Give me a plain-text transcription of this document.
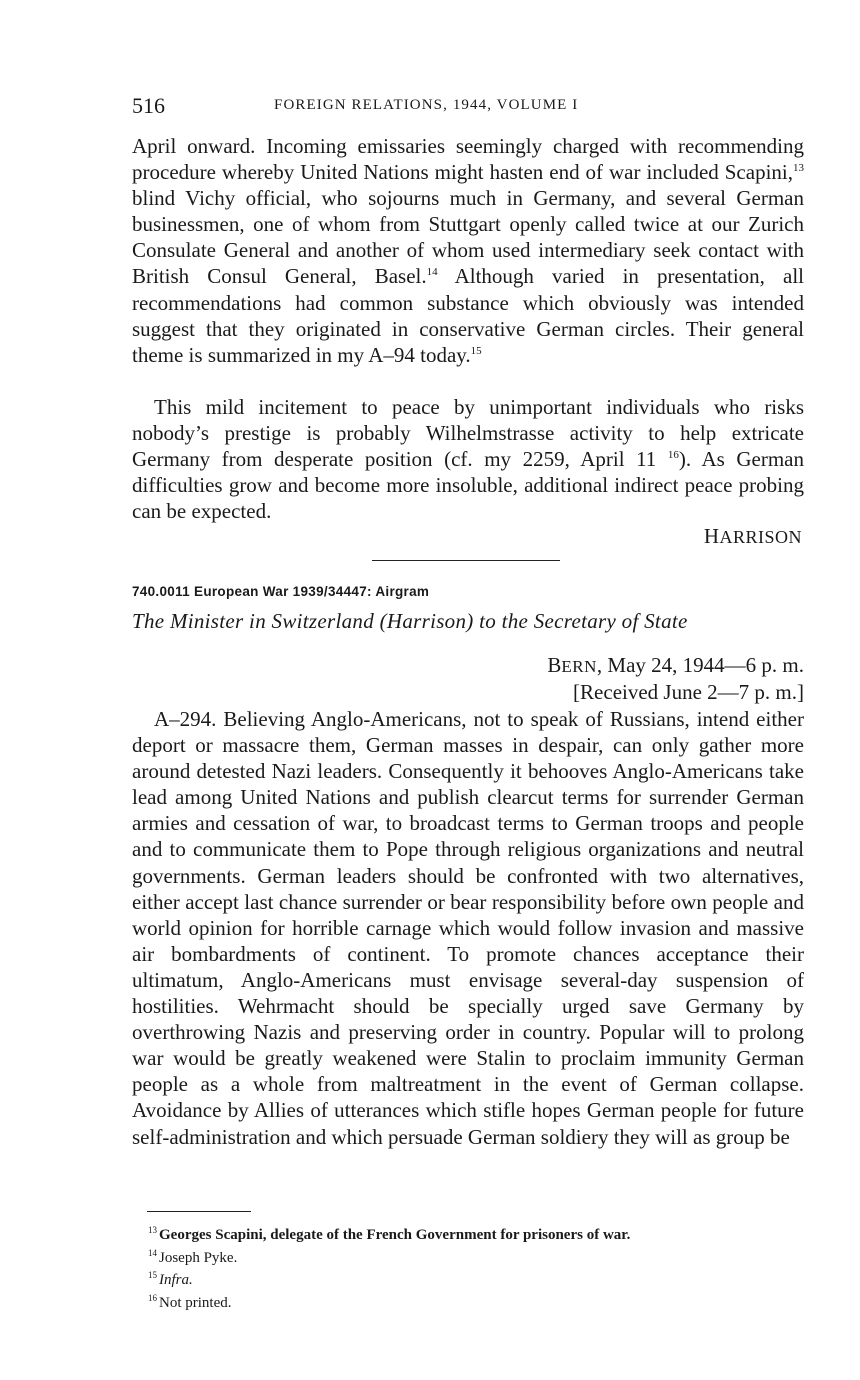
516	FOREIGN RELATIONS, 1944, VOLUME I

April onward. Incoming emissaries seemingly charged with recommending procedure whereby United Nations might hasten end of war included Scapini,$^{13}$ blind Vichy official, who sojourns much in Germany, and several German businessmen, one of whom from Stuttgart openly called twice at our Zurich Consulate General and another of whom used intermediary seek contact with British Consul General, Basel.$^{14}$ Although varied in presentation, all recommendations had common substance which obviously was intended suggest that they originated in conservative German circles. Their general theme is summarized in my A–94 today.$^{15}$

This mild incitement to peace by unimportant individuals who risks nobody’s prestige is probably Wilhelmstrasse activity to help extricate Germany from desperate position (cf. my 2259, April 11 $^{16}$). As German difficulties grow and become more insoluble, additional indirect peace probing can be expected.

HARRISON
740.0011 European War 1939/34447: Airgram
The Minister in Switzerland (Harrison) to the Secretary of State
BERN, May 24, 1944—6 p. m.
[Received June 2—7 p. m.]

A–294. Believing Anglo-Americans, not to speak of Russians, intend either deport or massacre them, German masses in despair, can only gather more around detested Nazi leaders. Consequently it behooves Anglo-Americans take lead among United Nations and publish clearcut terms for surrender German armies and cessation of war, to broadcast terms to German troops and people and to communicate them to Pope through religious organizations and neutral governments. German leaders should be confronted with two alternatives, either accept last chance surrender or bear responsibility before own people and world opinion for horrible carnage which would follow invasion and massive air bombardments of continent. To promote chances acceptance their ultimatum, Anglo-Americans must envisage several-day suspension of hostilities. Wehrmacht should be specially urged save Germany by overthrowing Nazis and preserving order in country. Popular will to prolong war would be greatly weakened were Stalin to proclaim immunity German people as a whole from maltreatment in the event of German collapse. Avoidance by Allies of utterances which stifle hopes German people for future self-administration and which persuade German soldiery they will as group be

$^{13}$ Georges Scapini, delegate of the French Government for prisoners of war.
$^{14}$ Joseph Pyke.
$^{15}$ Infra.
$^{16}$ Not printed.
